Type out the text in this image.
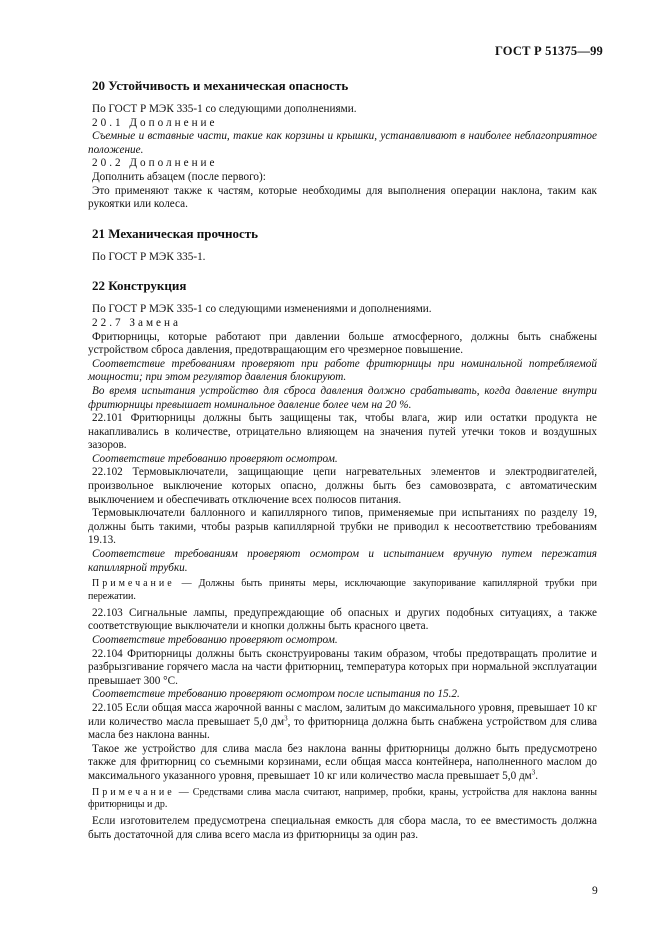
ГОСТ Р 51375—99
20 Устойчивость и механическая опасность

По ГОСТ Р МЭК 335-1 со следующими дополнениями.

20.1 Дополнение

Съемные и вставные части, такие как корзины и крышки, устанавливают в наиболее неблагоприятное положение.

20.2 Дополнение

Дополнить абзацем (после первого):

Это применяют также к частям, которые необходимы для выполнения операции наклона, таким как рукоятки или колеса.

21 Механическая прочность

По ГОСТ Р МЭК 335-1.

22 Конструкция

По ГОСТ Р МЭК 335-1 со следующими изменениями и дополнениями.

22.7 Замена

Фритюрницы, которые работают при давлении больше атмосферного, должны быть снабжены устройством сброса давления, предотвращающим его чрезмерное повышение.

Соответствие требованиям проверяют при работе фритюрницы при номинальной потребляемой мощности; при этом регулятор давления блокируют.

Во время испытания устройство для сброса давления должно срабатывать, когда давление внутри фритюрницы превышает номинальное давление более чем на 20 %.

22.101 Фритюрницы должны быть защищены так, чтобы влага, жир или остатки продукта не накапливались в количестве, отрицательно влияющем на значения путей утечки токов и воздушных зазоров.

Соответствие требованию проверяют осмотром.

22.102 Термовыключатели, защищающие цепи нагревательных элементов и электродвигателей, произвольное выключение которых опасно, должны быть без самовозврата, с автоматическим выключением и обеспечивать отключение всех полюсов питания.

Термовыключатели баллонного и капиллярного типов, применяемые при испытаниях по разделу 19, должны быть такими, чтобы разрыв капиллярной трубки не приводил к несоответствию требованиям 19.13.

Соответствие требованиям проверяют осмотром и испытанием вручную путем пережатия капиллярной трубки.

Примечание — Должны быть приняты меры, исключающие закупоривание капиллярной трубки при пережатии.

22.103 Сигнальные лампы, предупреждающие об опасных и других подобных ситуациях, а также соответствующие выключатели и кнопки должны быть красного цвета.

Соответствие требованию проверяют осмотром.

22.104 Фритюрницы должны быть сконструированы таким образом, чтобы предотвращать пролитие и разбрызгивание горячего масла на части фритюрниц, температура которых при нормальной эксплуатации превышает 300 °С.

Соответствие требованию проверяют осмотром после испытания по 15.2.

22.105 Если общая масса жарочной ванны с маслом, залитым до максимального уровня, превышает 10 кг или количество масла превышает 5,0 $дм^3$, то фритюрница должна быть снабжена устройством для слива масла без наклона ванны.

Такое же устройство для слива масла без наклона ванны фритюрницы должно быть предусмотрено также для фритюрниц со съемными корзинами, если общая масса контейнера, наполненного маслом до максимального указанного уровня, превышает 10 кг или количество масла превышает 5,0 $дм^3$.

Примечание — Средствами слива масла считают, например, пробки, краны, устройства для наклона ванны фритюрницы и др.

Если изготовителем предусмотрена специальная емкость для сбора масла, то ее вместимость должна быть достаточной для слива всего масла из фритюрницы за один раз.

9
